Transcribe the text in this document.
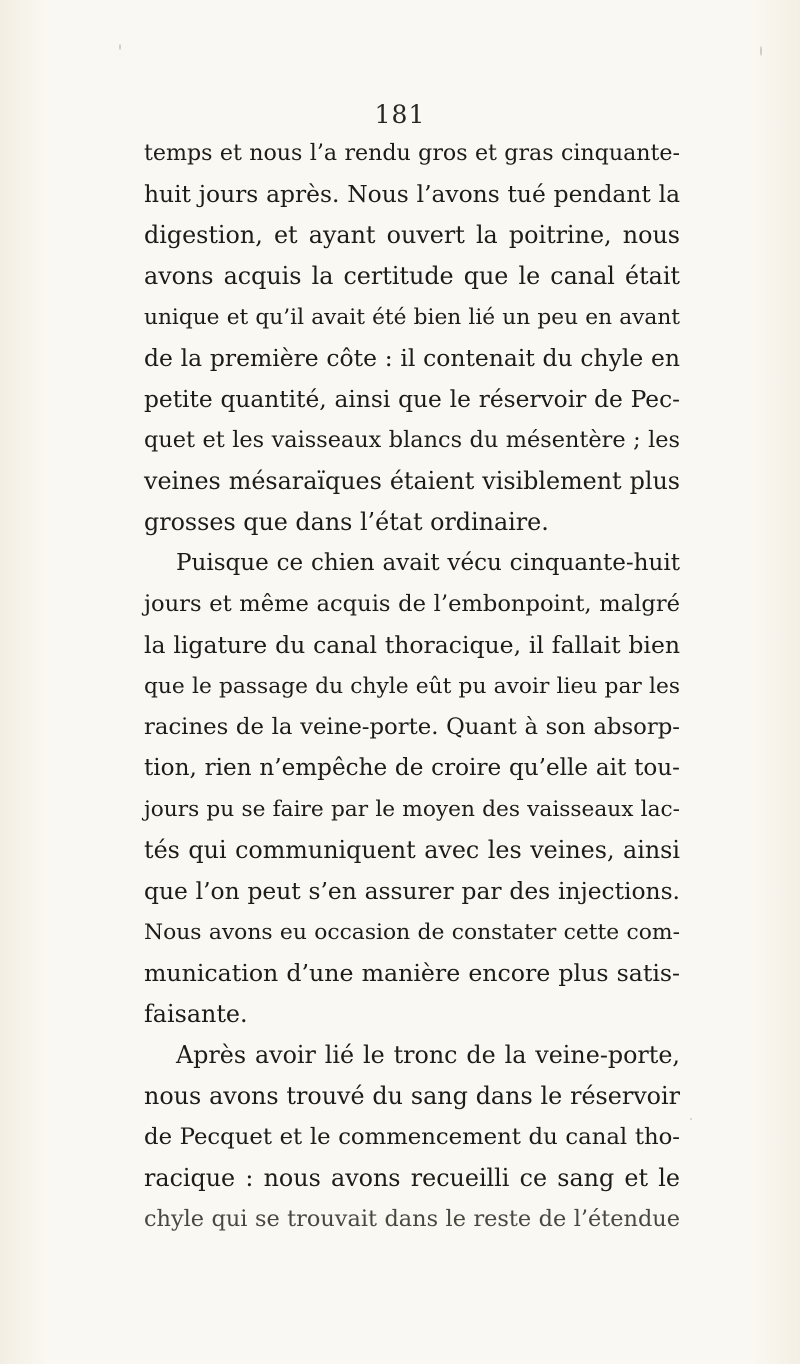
181
temps et nous l’a rendu gros et gras cinquante-
huit jours après. Nous l’avons tué pendant la
digestion, et ayant ouvert la poitrine, nous
avons acquis la certitude que le canal était
unique et qu’il avait été bien lié un peu en avant
de la première côte : il contenait du chyle en
petite quantité, ainsi que le réservoir de Pec-
quet et les vaisseaux blancs du mésentère ; les
veines mésaraïques étaient visiblement plus
grosses que dans l’état ordinaire.
Puisque ce chien avait vécu cinquante-huit
jours et même acquis de l’embonpoint, malgré
la ligature du canal thoracique, il fallait bien
que le passage du chyle eût pu avoir lieu par les
racines de la veine-porte. Quant à son absorp-
tion, rien n’empêche de croire qu’elle ait tou-
jours pu se faire par le moyen des vaisseaux lac-
tés qui communiquent avec les veines, ainsi
que l’on peut s’en assurer par des injections.
Nous avons eu occasion de constater cette com-
munication d’une manière encore plus satis-
faisante.
Après avoir lié le tronc de la veine-porte,
nous avons trouvé du sang dans le réservoir
de Pecquet et le commencement du canal tho-
racique : nous avons recueilli ce sang et le
chyle qui se trouvait dans le reste de l’étendue
